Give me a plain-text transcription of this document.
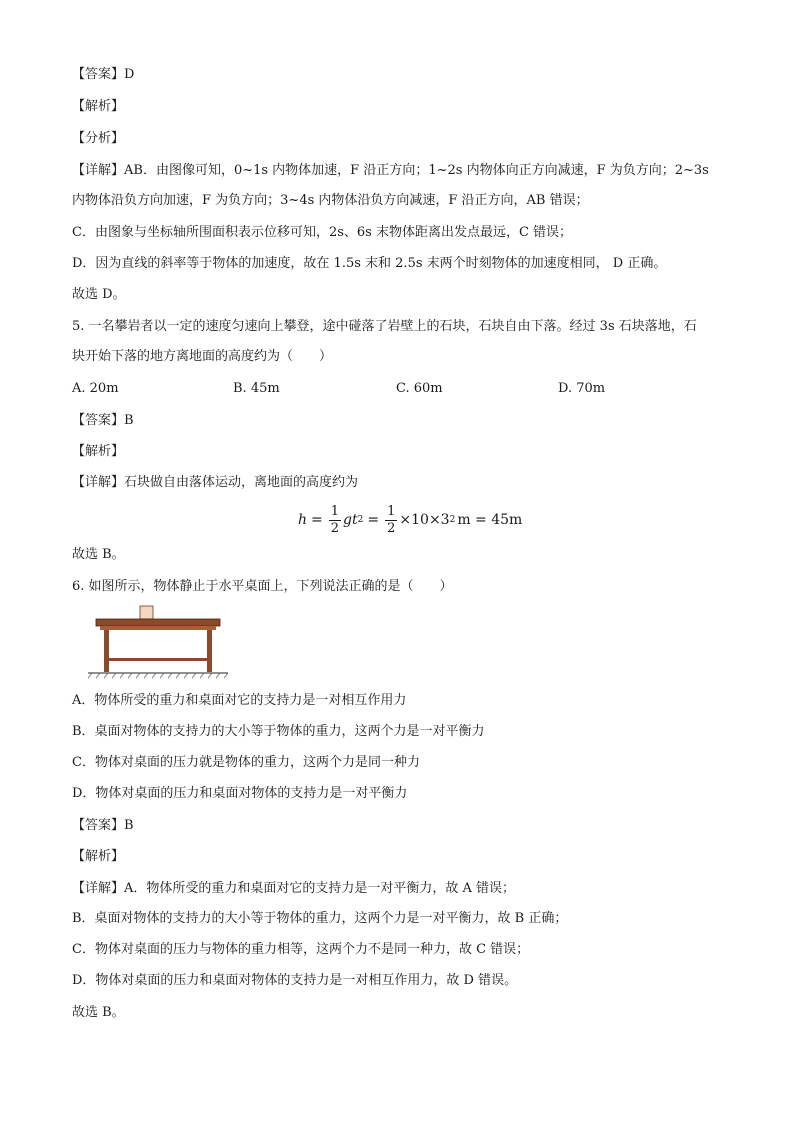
【答案】D
【解析】
【分析】
【详解】AB．由图像可知，0~1s 内物体加速，F 沿正方向；1~2s 内物体向正方向减速，F 为负方向；2~3s
内物体沿负方向加速，F 为负方向；3~4s 内物体沿负方向减速，F 沿正方向，AB 错误；
C．由图象与坐标轴所围面积表示位移可知，2s、6s 末物体距离出发点最远，C 错误；
D．因为直线的斜率等于物体的加速度，故在 1.5s 末和 2.5s 末两个时刻物体的加速度相同， D 正确。
故选 D。
5. 一名攀岩者以一定的速度匀速向上攀登，途中碰落了岩壁上的石块，石块自由下落。经过 3s 石块落地，石
块开始下落的地方离地面的高度约为（　　）
A. 20m	B. 45m	C. 60m	D. 70m
【答案】B
【解析】
【详解】石块做自由落体运动，离地面的高度约为
$h = \frac{1}{2}$ g t $2 = \frac{1}{2} \times 10\times 3$ 2 m = 45m
故选 B。
6. 如图所示，物体静止于水平桌面上，下列说法正确的是（　　）
A．物体所受的重力和桌面对它的支持力是一对相互作用力
B．桌面对物体的支持力的大小等于物体的重力，这两个力是一对平衡力
C．物体对桌面的压力就是物体的重力，这两个力是同一种力
D．物体对桌面的压力和桌面对物体的支持力是一对平衡力
【答案】B
【解析】
【详解】A．物体所受的重力和桌面对它的支持力是一对平衡力，故 A 错误；
B．桌面对物体的支持力的大小等于物体的重力，这两个力是一对平衡力，故 B 正确；
C．物体对桌面的压力与物体的重力相等，这两个力不是同一种力，故 C 错误；
D．物体对桌面的压力和桌面对物体的支持力是一对相互作用力，故 D 错误。
故选 B。
